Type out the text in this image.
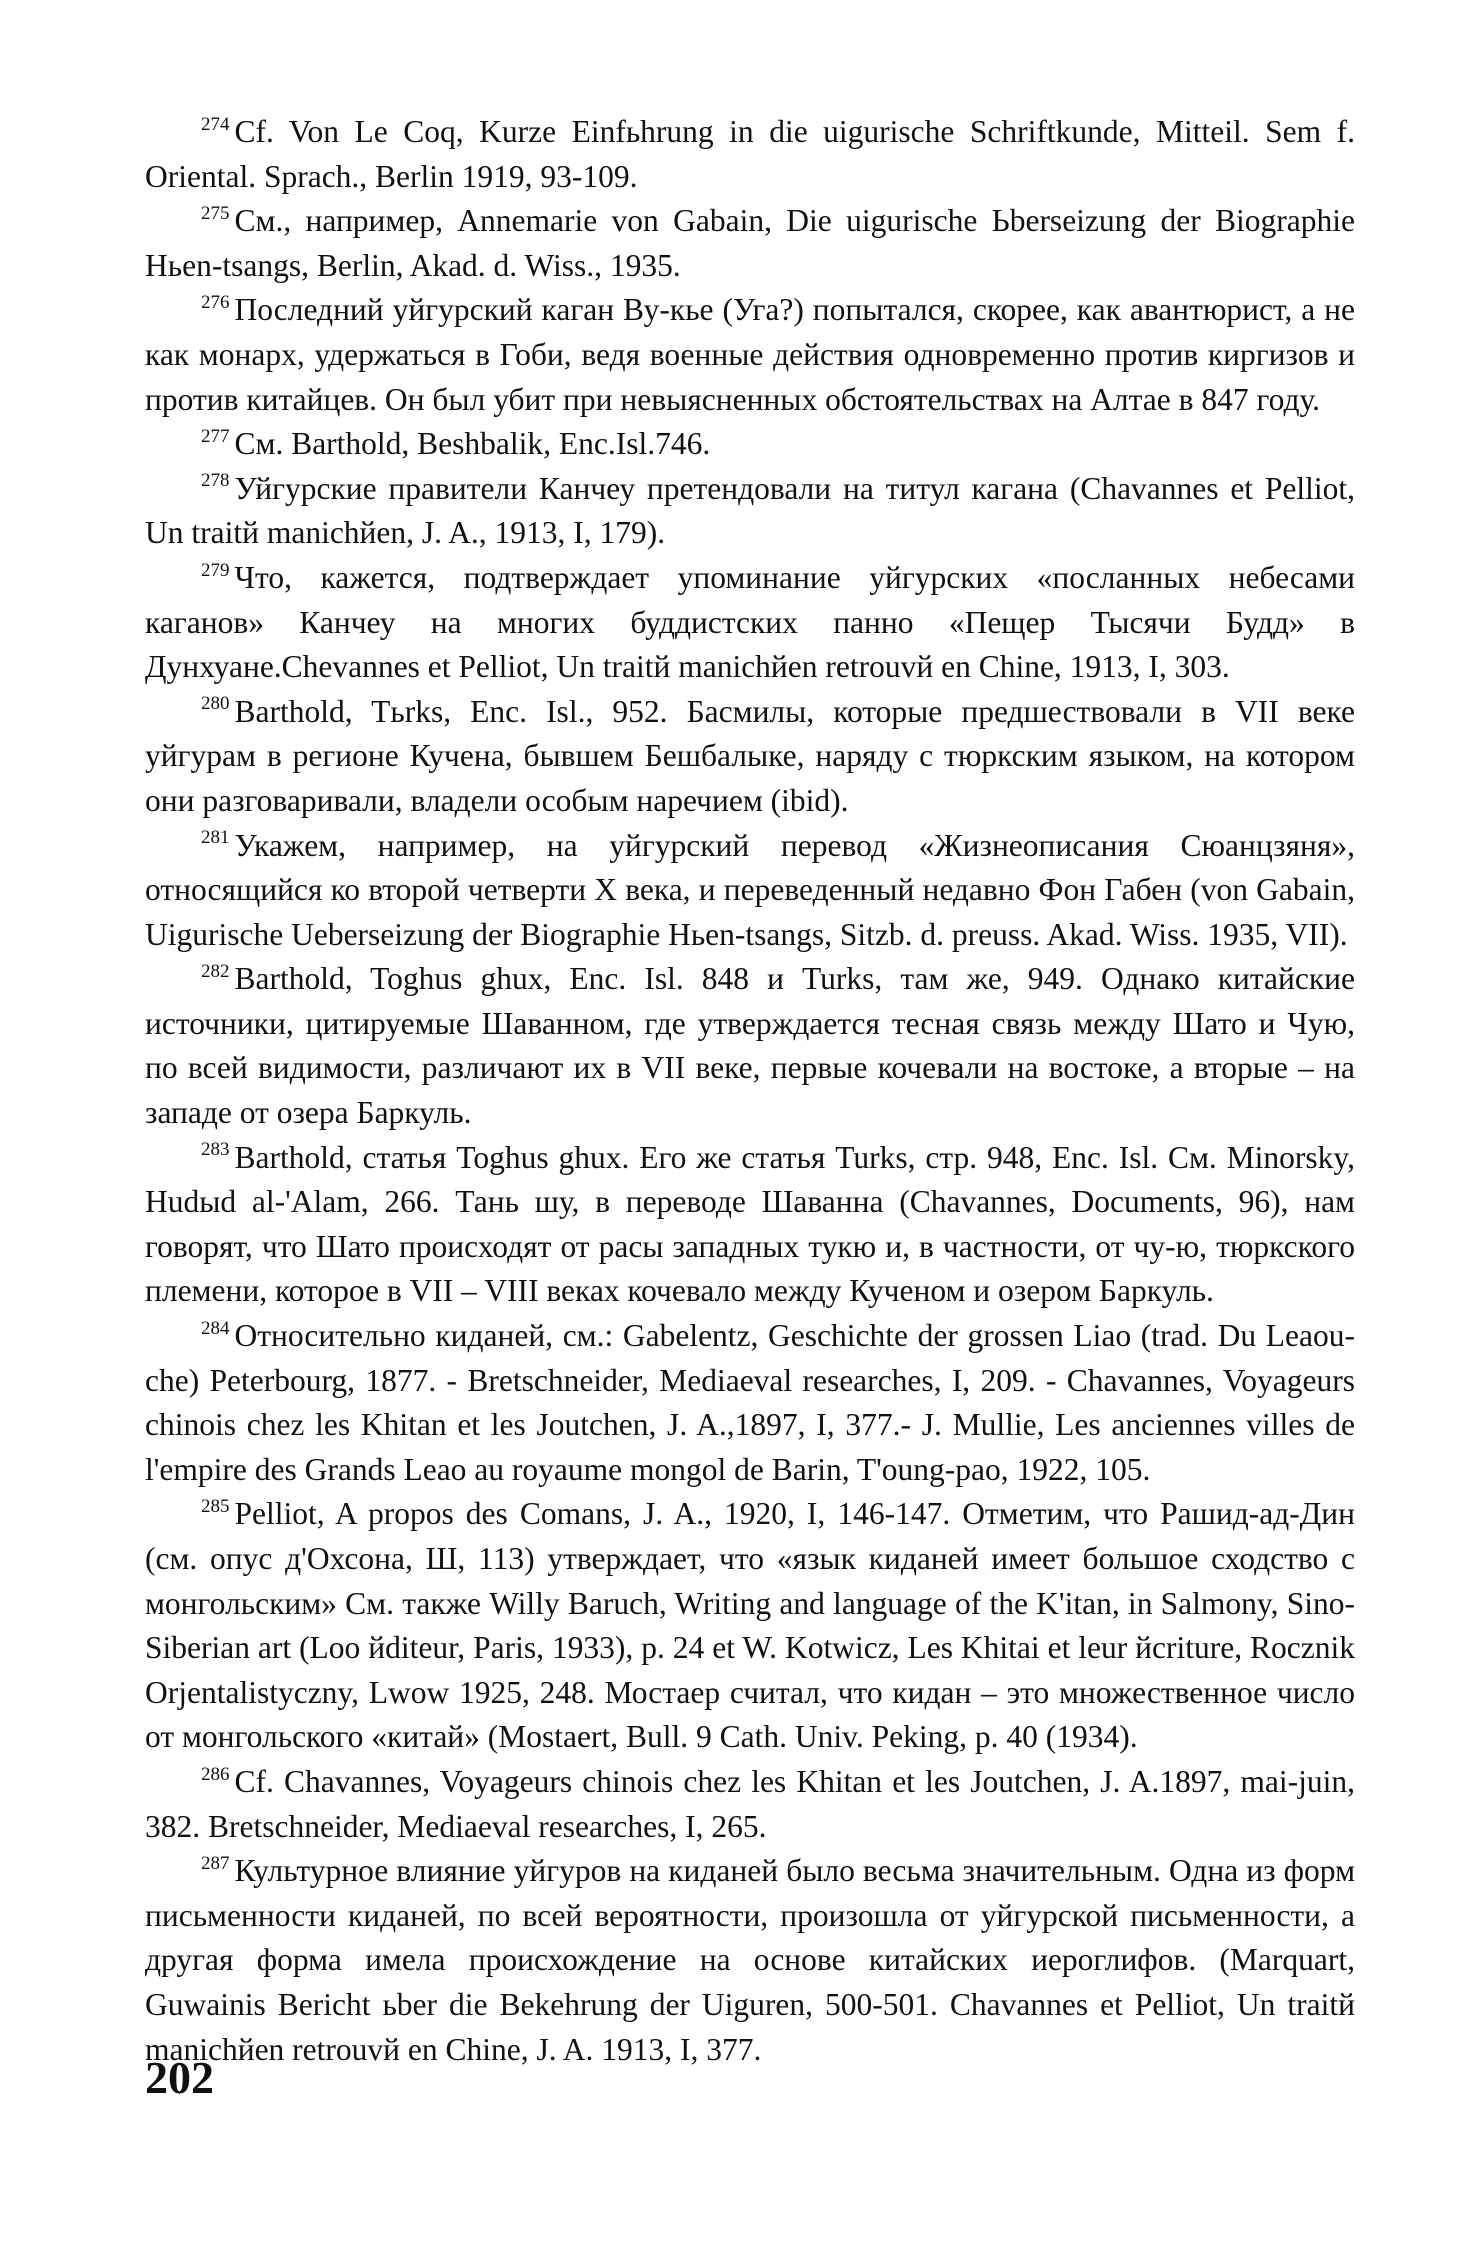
$^{274}$ Cf. Von Le Coq, Kurze Einfьhrung in die uigurische Schriftkunde, Mitteil. Sem f. Oriental. Sprach., Berlin 1919, 93-109.

$^{275}$ См., например, Annemarie von Gabain, Die uigurische Ьberseizung der Biographie Hьen-tsangs, Berlin, Akad. d. Wiss., 1935.

$^{276}$ Последний уйгурский каган Ву-кье (Уга?) попытался, скорее, как авантюрист, а не как монарх, удержаться в Гоби, ведя военные действия одновременно против киргизов и против китайцев. Он был убит при невыясненных обстоятельствах на Алтае в 847 году.

$^{277}$ См. Barthold, Beshbalik, Enc.Isl.746.

$^{278}$ Уйгурские правители Канчеу претендовали на титул кагана (Chavannes et Pelliot, Un traitй manichйen, J. A., 1913, I, 179).

$^{279}$ Что, кажется, подтверждает упоминание уйгурских «посланных небесами каганов» Канчеу на многих буддистских панно «Пещер Тысячи Будд» в Дунхуане.Chevannes et Pelliot, Un traitй manichйen retrouvй en Chine, 1913, I, 303.

$^{280}$ Barthold, Tьrks, Enc. Isl., 952. Басмилы, которые предшествовали в VII веке уйгурам в регионе Кучена, бывшем Бешбалыке, наряду с тюркским языком, на котором они разговаривали, владели особым наречием (ibid).

$^{281}$ Укажем, например, на уйгурский перевод «Жизнеописания Сюанцзяня», относящийся ко второй четверти X века, и переведенный недавно Фон Габен (von Gabain, Uigurische Ueberseizung der Biographie Hьen-tsangs, Sitzb. d. preuss. Akad. Wiss. 1935, VII).

$^{282}$ Barthold, Toghus ghux, Enc. Isl. 848 и Turks, там же, 949. Однако китайские источники, цитируемые Шаванном, где утверждается тесная связь между Шато и Чую, по всей видимости, различают их в VII веке, первые кочевали на востоке, а вторые – на западе от озера Баркуль.

$^{283}$ Barthold, статья Toghus ghux. Его же статья Turks, стр. 948, Enc. Isl. См. Minorsky, Hudыd al-'Alam, 266. Тань шу, в переводе Шаванна (Chavannes, Documents, 96), нам говорят, что Шато происходят от расы западных тукю и, в частности, от чу-ю, тюркского племени, которое в VII – VIII веках кочевало между Кученом и озером Баркуль.

$^{284}$ Относительно киданей, см.: Gabelentz, Geschichte der grossen Liao (trad. Du Leaou-che) Peterbourg, 1877. - Bretschneider, Mediaeval researches, I, 209. - Chavannes, Voyageurs chinois chez les Khitan et les Joutchen, J. A.,1897, I, 377.- J. Mullie, Les anciennes villes de l'empire des Grands Leao au royaume mongol de Barin, T'oung-pao, 1922, 105.

$^{285}$ Pelliot, A propos des Comans, J. A., 1920, I, 146-147. Отметим, что Рашид-ад-Дин (см. опус д'Охсона, Ш, 113) утверждает, что «язык киданей имеет большое сходство с монгольским» См. также Willy Baruch, Writing and language of the K'itan, in Salmony, Sino-Siberian art (Loo йditeur, Paris, 1933), p. 24 et W. Kotwicz, Les Khitai et leur йcriture, Rocznik Orjentalistyczny, Lwow 1925, 248. Мостаер считал, что кидан – это множественное число от монгольского «китай» (Mostaert, Bull. 9 Cath. Univ. Peking, p. 40 (1934).

$^{286}$ Cf. Chavannes, Voyageurs chinois chez les Khitan et les Joutchen, J. A.1897, mai-juin, 382. Bretschneider, Mediaeval researches, I, 265.

$^{287}$ Культурное влияние уйгуров на киданей было весьма значительным. Одна из форм письменности киданей, по всей вероятности, произошла от уйгурской письменности, а другая форма имела происхождение на основе китайских иероглифов. (Marquart, Guwainis Bericht ьber die Bekehrung der Uiguren, 500-501. Chavannes et Pelliot, Un traitй manichйen retrouvй en Chine, J. A. 1913, I, 377.

202
